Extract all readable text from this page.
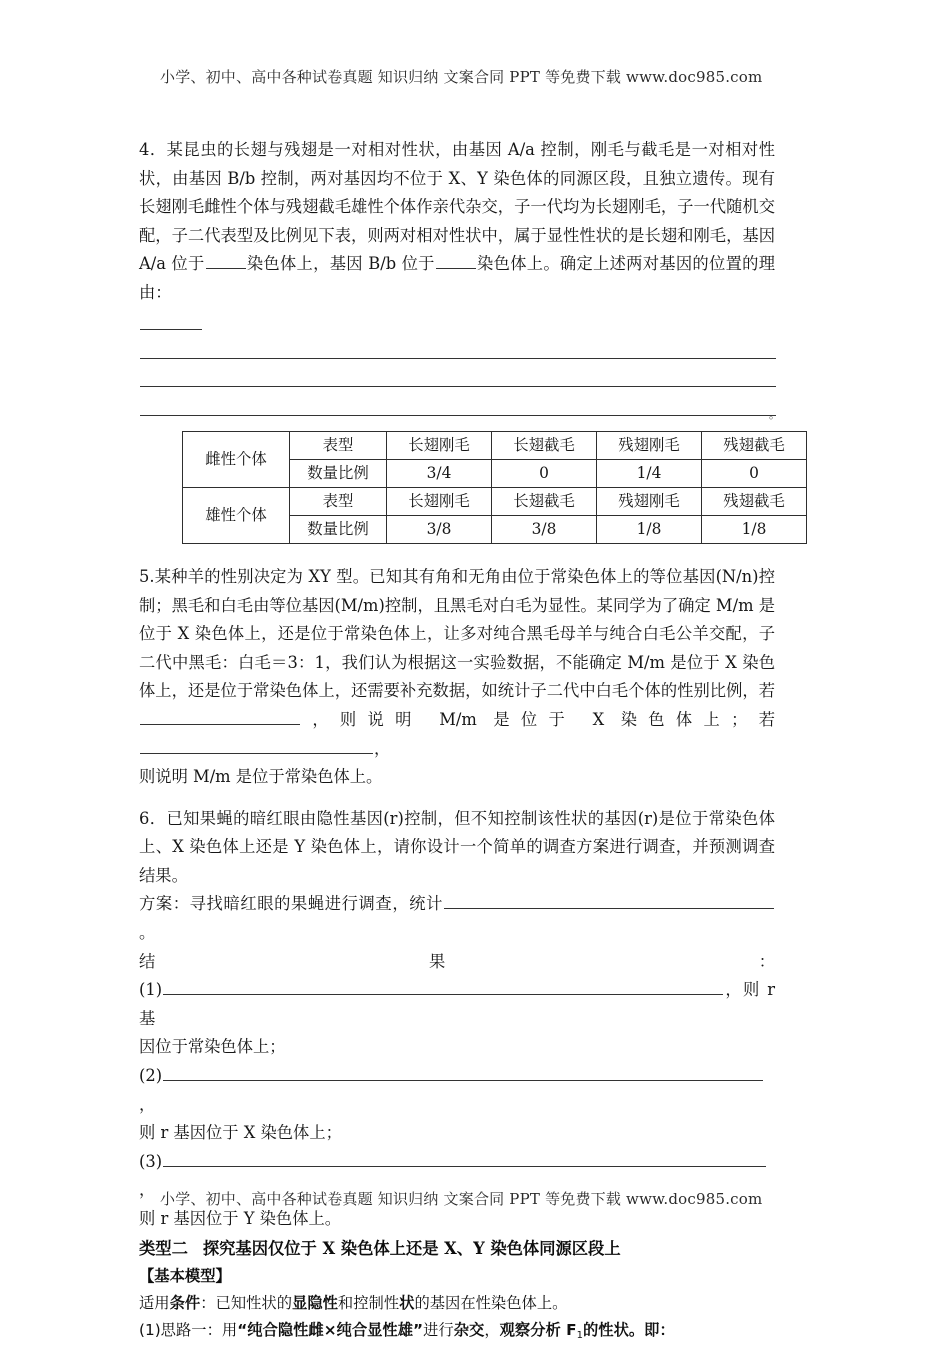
小学、初中、高中各种试卷真题 知识归纳 文案合同 PPT 等免费下载 www.doc985.com

4．某昆虫的长翅与残翅是一对相对性状，由基因 A/a 控制，刚毛与截毛是一对相对性状，由基因 B/b 控制，两对基因均不位于 X、Y 染色体的同源区段，且独立遗传。现有长翅刚毛雌性个体与残翅截毛雄性个体作亲代杂交，子一代均为长翅刚毛，子一代随机交配，子二代表型及比例见下表，则两对相对性状中，属于显性性状的是长翅和刚毛，基因 A/a 位于	染色体上，基因 B/b 位于	染色体上。确定上述两对基因的位置的理由：

。
雌性个体	表型	长翅刚毛	长翅截毛	残翅刚毛	残翅截毛
	数量比例	3/4	0	1/4	0
雄性个体	表型	长翅刚毛	长翅截毛	残翅刚毛	残翅截毛
	数量比例	3/8	3/8	1/8	1/8

5.某种羊的性别决定为 XY 型。已知其有角和无角由位于常染色体上的等位基因(N/n)控制；黑毛和白毛由等位基因(M/m)控制，且黑毛对白毛为显性。某同学为了确定 M/m 是位于 X 染色体上，还是位于常染色体上，让多对纯合黑毛母羊与纯合白毛公羊交配，子二代中黑毛：白毛＝3：1，我们认为根据这一实验数据，不能确定 M/m 是位于 X 染色体上，还是位于常染色体上，还需要补充数据，如统计子二代中白毛个体的性别比例，若，则说明 M/m 是位于 X 染色体上；若，

则说明 M/m 是位于常染色体上。

6．已知果蝇的暗红眼由隐性基因(r)控制，但不知控制该性状的基因(r)是位于常染色体上、X 染色体上还是 Y 染色体上，请你设计一个简单的调查方案进行调查，并预测调查结果。

方案：寻找暗红眼的果蝇进行调查，统计。

结	果	：

(1)	，则 r 基

因位于常染色体上；

(2)，

则 r 基因位于 X 染色体上；

(3)，

则 r 基因位于 Y 染色体上。

类型二 探究基因仅位于 X 染色体上还是 X、Y 染色体同源区段上

【基本模型】

适用条件：已知性状的显隐性和控制性状的基因在性染色体上。

(1)思路一：用“纯合隐性雌×纯合显性雄”进行杂交，观察分析 $F_1$的性状。即：

小学、初中、高中各种试卷真题 知识归纳 文案合同 PPT 等免费下载 www.doc985.com
